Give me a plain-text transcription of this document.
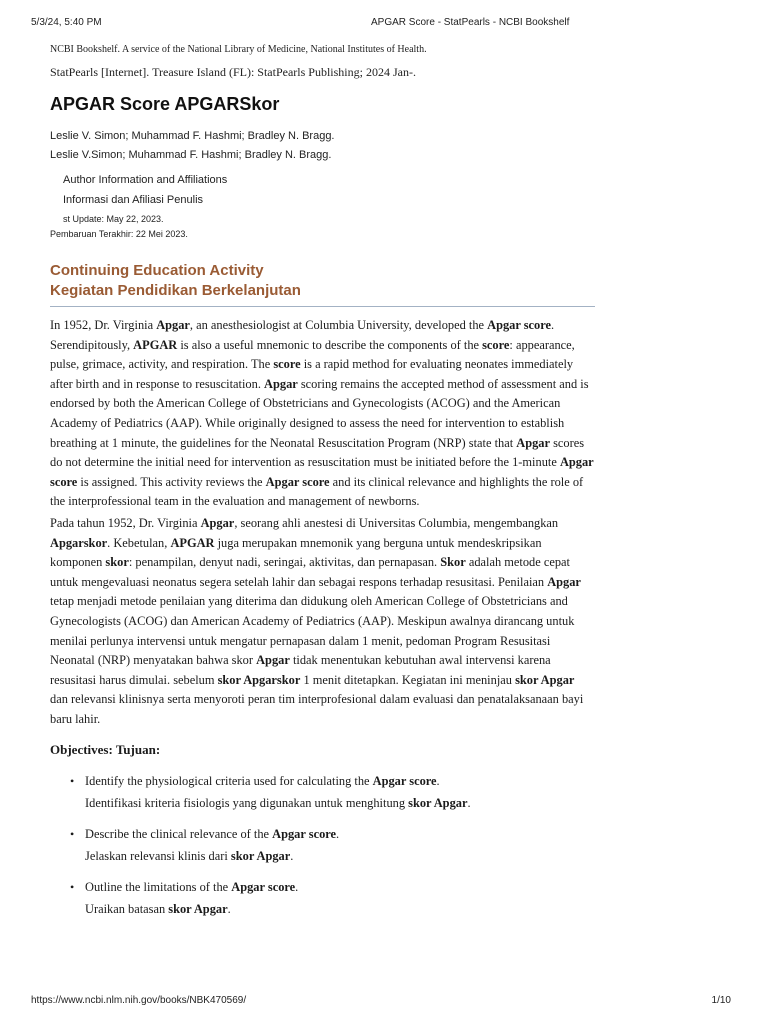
5/3/24, 5:40 PM	APGAR Score - StatPearls - NCBI Bookshelf
NCBI Bookshelf. A service of the National Library of Medicine, National Institutes of Health.
StatPearls [Internet]. Treasure Island (FL): StatPearls Publishing; 2024 Jan-.
APGAR Score APGARSkor
Leslie V. Simon; Muhammad F. Hashmi; Bradley N. Bragg.
Leslie V.Simon; Muhammad F. Hashmi; Bradley N. Bragg.
Author Information and Affiliations
Informasi dan Afiliasi Penulis
st Update: May 22, 2023.
Pembaruan Terakhir: 22 Mei 2023.
Continuing Education Activity
Kegiatan Pendidikan Berkelanjutan

In 1952, Dr. Virginia Apgar, an anesthesiologist at Columbia University, developed the Apgar score. Serendipitously, APGAR is also a useful mnemonic to describe the components of the score: appearance, pulse, grimace, activity, and respiration. The score is a rapid method for evaluating neonates immediately after birth and in response to resuscitation. Apgar scoring remains the accepted method of assessment and is endorsed by both the American College of Obstetricians and Gynecologists (ACOG) and the American Academy of Pediatrics (AAP). While originally designed to assess the need for intervention to establish breathing at 1 minute, the guidelines for the Neonatal Resuscitation Program (NRP) state that Apgar scores do not determine the initial need for intervention as resuscitation must be initiated before the 1-minute Apgar score is assigned. This activity reviews the Apgar score and its clinical relevance and highlights the role of the interprofessional team in the evaluation and management of newborns.

Pada tahun 1952, Dr. Virginia Apgar, seorang ahli anestesi di Universitas Columbia, mengembangkan Apgarskor. Kebetulan, APGAR juga merupakan mnemonik yang berguna untuk mendeskripsikan komponen skor: penampilan, denyut nadi, seringai, aktivitas, dan pernapasan. Skor adalah metode cepat untuk mengevaluasi neonatus segera setelah lahir dan sebagai respons terhadap resusitasi. Penilaian Apgar tetap menjadi metode penilaian yang diterima dan didukung oleh American College of Obstetricians and Gynecologists (ACOG) dan American Academy of Pediatrics (AAP). Meskipun awalnya dirancang untuk menilai perlunya intervensi untuk mengatur pernapasan dalam 1 menit, pedoman Program Resusitasi Neonatal (NRP) menyatakan bahwa skor Apgar tidak menentukan kebutuhan awal intervensi karena resusitasi harus dimulai. sebelum skor Apgarskor 1 menit ditetapkan. Kegiatan ini meninjau skor Apgar dan relevansi klinisnya serta menyoroti peran tim interprofesional dalam evaluasi dan penatalaksanaan bayi baru lahir.

Objectives: Tujuan:
• Identify the physiological criteria used for calculating the Apgar score.
Identifikasi kriteria fisiologis yang digunakan untuk menghitung skor Apgar.
• Describe the clinical relevance of the Apgar score.
Jelaskan relevansi klinis dari skor Apgar.
• Outline the limitations of the Apgar score.
Uraikan batasan skor Apgar.
https://www.ncbi.nlm.nih.gov/books/NBK470569/	1/10
